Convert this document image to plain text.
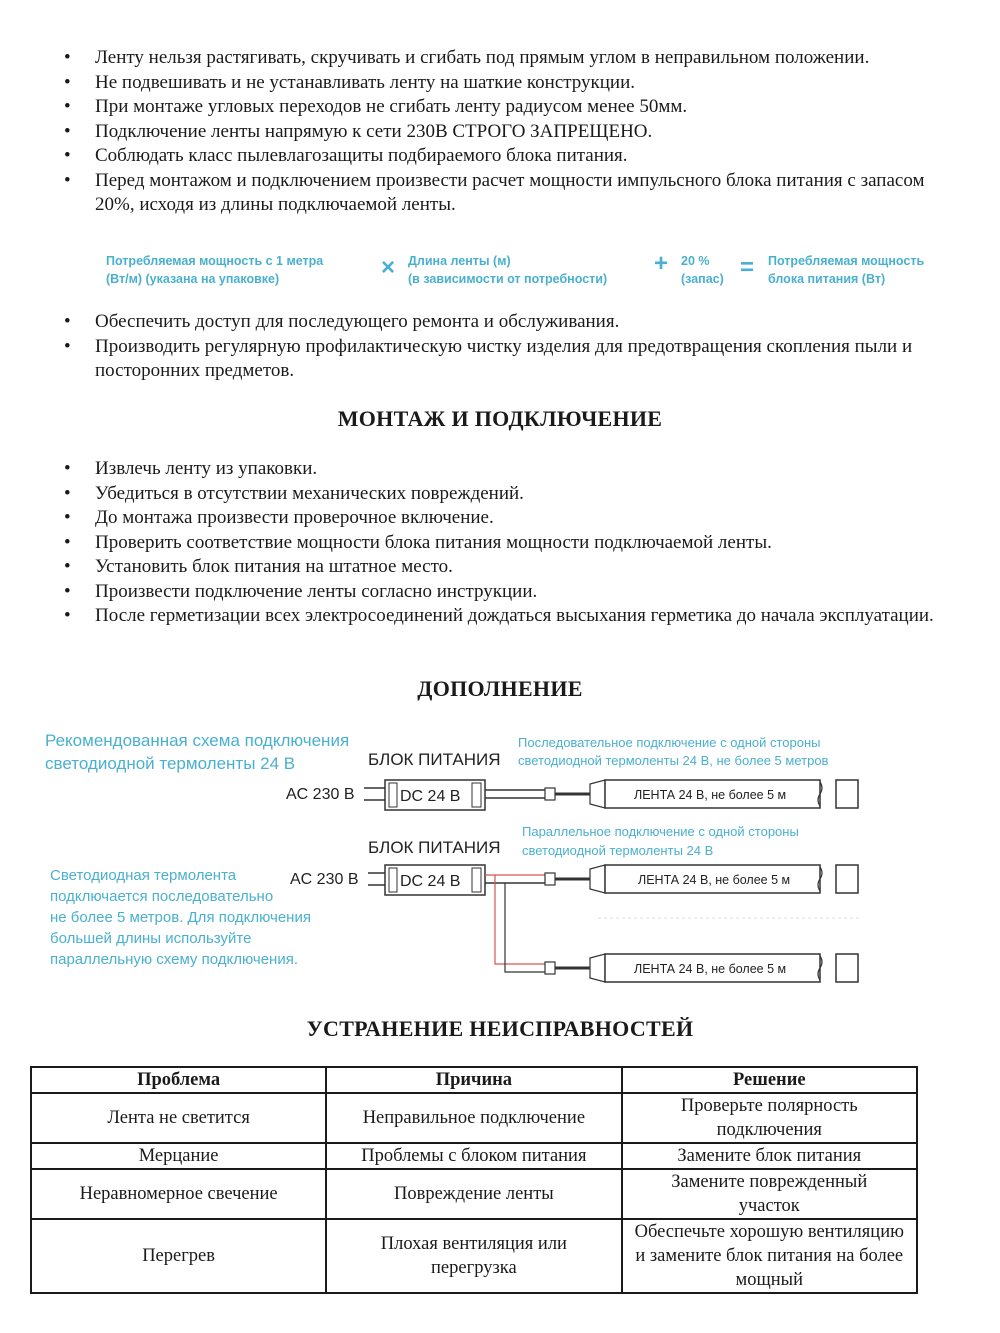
• Ленту нельзя растягивать, скручивать и сгибать под прямым углом в неправильном положении.
• Не подвешивать и не устанавливать ленту на шаткие конструкции.
• При монтаже угловых переходов не сгибать ленту радиусом менее 50мм.
• Подключение ленты напрямую к сети 230В СТРОГО ЗАПРЕЩЕНО.
• Соблюдать класс пылевлагозащиты подбираемого блока питания.
• Перед монтажом и подключением произвести расчет мощности импульсного блока питания с запасом 20%, исходя из длины подключаемой ленты.
Потребляемая мощность с 1 метра
(Вт/м) (указана на упаковке)	× Длина ленты (м)
(в зависимости от потребности)
+ 20 %
(запас) = Потребляемая мощность
блока питания (Вт)
• Обеспечить доступ для последующего ремонта и обслуживания.
• Производить регулярную профилактическую чистку изделия для предотвращения скопления пыли и посторонних предметов.
МОНТАЖ И ПОДКЛЮЧЕНИЕ
• Извлечь ленту из упаковки.
• Убедиться в отсутствии механических повреждений.
• До монтажа произвести проверочное включение.
• Проверить соответствие мощности блока питания мощности подключаемой ленты.
• Установить блок питания на штатное место.
• Произвести подключение ленты согласно инструкции.
• После герметизации всех электросоединений дождаться высыхания герметика до начала эксплуатации.
ДОПОЛНЕНИЕ
Рекомендованная схема подключения
светодиодной термоленты 24 В
Светодиодная термолента
подключается последовательно
не более 5 метров. Для подключения
большей длины используйте
параллельную схему подключения.
БЛОК ПИТАНИЯ
Последовательное подключение с одной стороны
светодиодной термоленты 24 В, не более 5 метров
AC 230 В	DC 24 В	ЛЕНТА 24 В, не более 5 м
БЛОК ПИТАНИЯ
Параллельное подключение с одной стороны
светодиодной термоленты 24 В
AC 230 В	DC 24 В	ЛЕНТА 24 В, не более 5 м
ЛЕНТА 24 В, не более 5 м
УСТРАНЕНИЕ НЕИСПРАВНОСТЕЙ
Проблема	Причина	Решение
Лента не светится	Неправильное подключение	Проверьте полярность подключения
Мерцание	Проблемы с блоком питания	Замените блок питания
Неравномерное свечение	Повреждение ленты	Замените поврежденный участок
Перегрев	Плохая вентиляция или перегрузка	Обеспечьте хорошую вентиляцию и замените блок питания на более мощный
